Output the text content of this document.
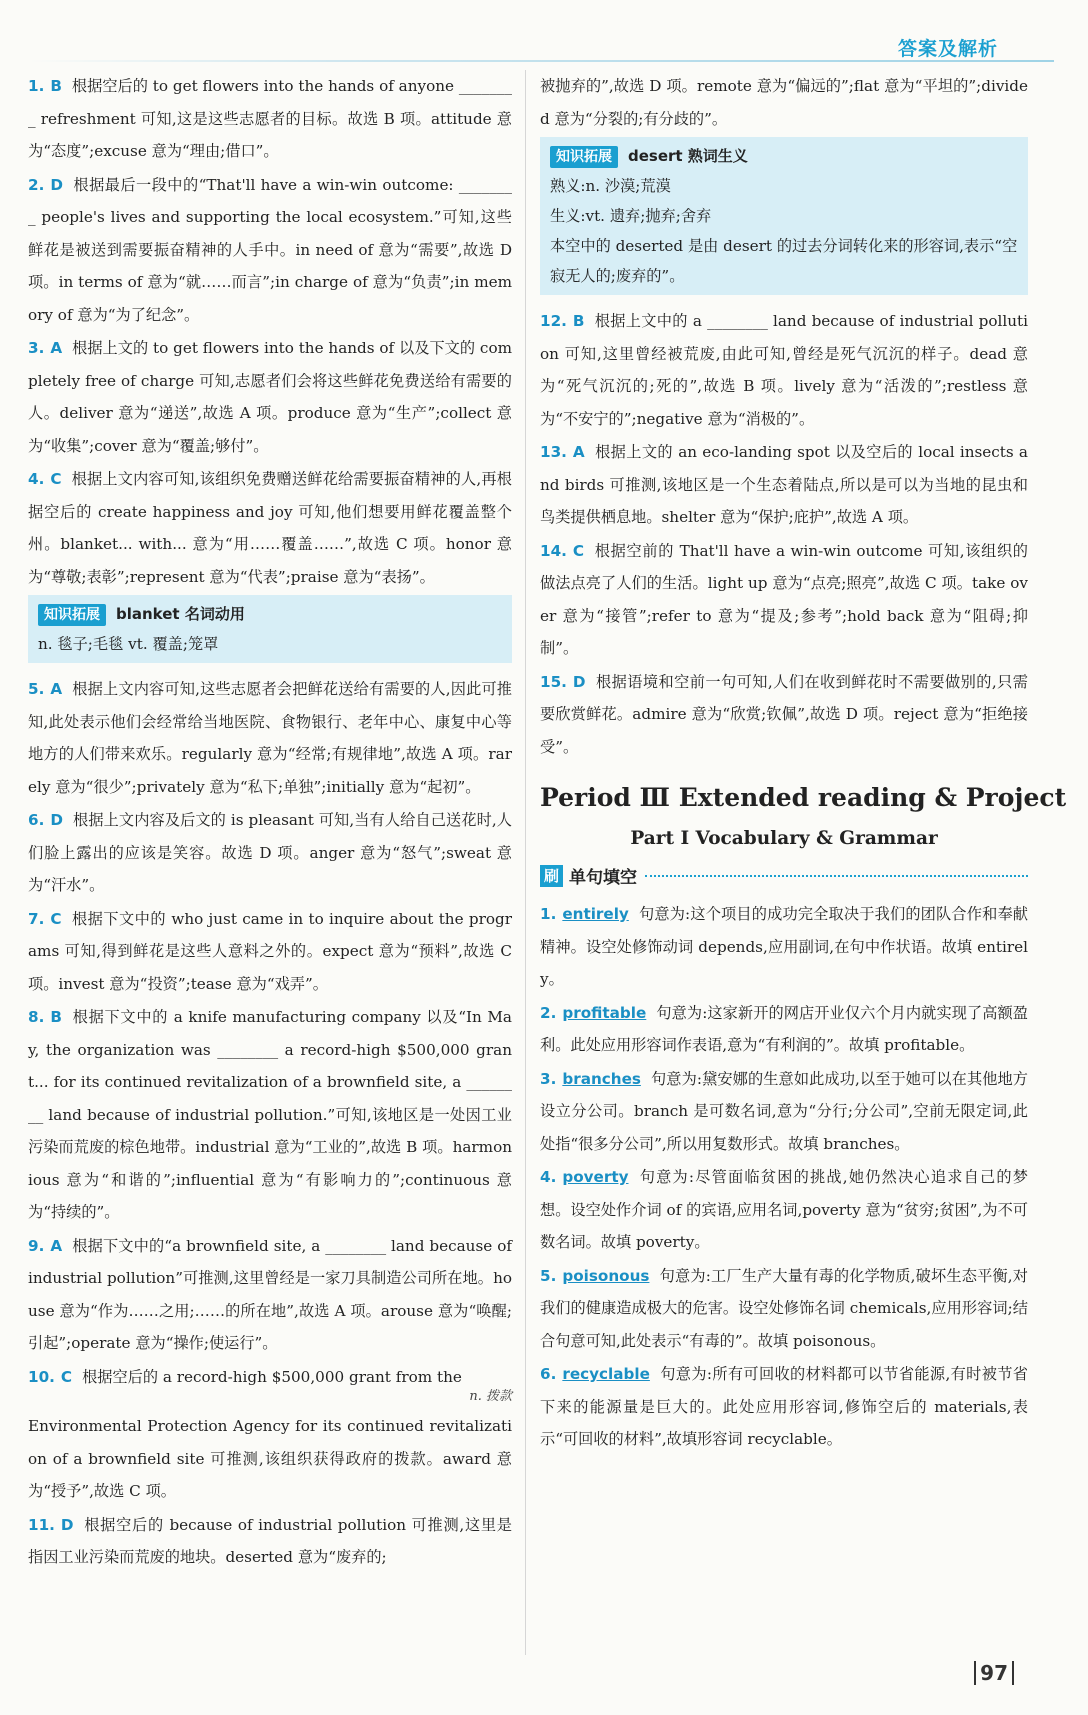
答案及解析
1. B 根据空后的 to get flowers into the hands of anyone ________ refreshment 可知,这是这些志愿者的目标。故选 B 项。attitude 意为“态度”;excuse 意为“理由;借口”。
2. D 根据最后一段中的“That'll have a win-win outcome: ________ people's lives and supporting the local ecosystem.”可知,这些鲜花是被送到需要振奋精神的人手中。in need of 意为“需要”,故选 D 项。in terms of 意为“就……而言”;in charge of 意为“负责”;in memory of 意为“为了纪念”。
3. A 根据上文的 to get flowers into the hands of 以及下文的 completely free of charge 可知,志愿者们会将这些鲜花免费送给有需要的人。deliver 意为“递送”,故选 A 项。produce 意为“生产”;collect 意为“收集”;cover 意为“覆盖;够付”。
4. C 根据上文内容可知,该组织免费赠送鲜花给需要振奋精神的人,再根据空后的 create happiness and joy 可知,他们想要用鲜花覆盖整个州。blanket... with... 意为“用……覆盖……”,故选 C 项。honor 意为“尊敬;表彰”;represent 意为“代表”;praise 意为“表扬”。
知识拓展 blanket 名词动用
n. 毯子;毛毯 vt. 覆盖;笼罩
5. A 根据上文内容可知,这些志愿者会把鲜花送给有需要的人,因此可推知,此处表示他们会经常给当地医院、食物银行、老年中心、康复中心等地方的人们带来欢乐。regularly 意为“经常;有规律地”,故选 A 项。rarely 意为“很少”;privately 意为“私下;单独”;initially 意为“起初”。
6. D 根据上文内容及后文的 is pleasant 可知,当有人给自己送花时,人们脸上露出的应该是笑容。故选 D 项。anger 意为“怒气”;sweat 意为“汗水”。
7. C 根据下文中的 who just came in to inquire about the programs 可知,得到鲜花是这些人意料之外的。expect 意为“预料”,故选 C 项。invest 意为“投资”;tease 意为“戏弄”。
8. B 根据下文中的 a knife manufacturing company 以及“In May, the organization was ________ a record-high $500,000 grant... for its continued revitalization of a brownfield site, a ________ land because of industrial pollution.”可知,该地区是一处因工业污染而荒废的棕色地带。industrial 意为“工业的”,故选 B 项。harmonious 意为“和谐的”;influential 意为“有影响力的”;continuous 意为“持续的”。
9. A 根据下文中的“a brownfield site, a ________ land because of industrial pollution”可推测,这里曾经是一家刀具制造公司所在地。house 意为“作为……之用;……的所在地”,故选 A 项。arouse 意为“唤醒;引起”;operate 意为“操作;使运行”。
10. C 根据空后的 a record-high $500,000 grant from the
n. 拨款
Environmental Protection Agency for its continued revitalization of a brownfield site 可推测,该组织获得政府的拨款。award 意为“授予”,故选 C 项。
11. D 根据空后的 because of industrial pollution 可推测,这里是指因工业污染而荒废的地块。deserted 意为“废弃的;
被抛弃的”,故选 D 项。remote 意为“偏远的”;flat 意为“平坦的”;divided 意为“分裂的;有分歧的”。
知识拓展 desert 熟词生义
熟义:n. 沙漠;荒漠
生义:vt. 遗弃;抛弃;舍弃
本空中的 deserted 是由 desert 的过去分词转化来的形容词,表示“空寂无人的;废弃的”。
12. B 根据上文中的 a ________ land because of industrial pollution 可知,这里曾经被荒废,由此可知,曾经是死气沉沉的样子。dead 意为“死气沉沉的;死的”,故选 B 项。lively 意为“活泼的”;restless 意为“不安宁的”;negative 意为“消极的”。
13. A 根据上文的 an eco-landing spot 以及空后的 local insects and birds 可推测,该地区是一个生态着陆点,所以是可以为当地的昆虫和鸟类提供栖息地。shelter 意为“保护;庇护”,故选 A 项。
14. C 根据空前的 That'll have a win-win outcome 可知,该组织的做法点亮了人们的生活。light up 意为“点亮;照亮”,故选 C 项。take over 意为“接管”;refer to 意为“提及;参考”;hold back 意为“阻碍;抑制”。
15. D 根据语境和空前一句可知,人们在收到鲜花时不需要做别的,只需要欣赏鲜花。admire 意为“欣赏;钦佩”,故选 D 项。reject 意为“拒绝接受”。
Period Ⅲ Extended reading & Project
Part Ⅰ Vocabulary & Grammar
刷 单句填空
1. entirely 句意为:这个项目的成功完全取决于我们的团队合作和奉献精神。设空处修饰动词 depends,应用副词,在句中作状语。故填 entirely。
2. profitable 句意为:这家新开的网店开业仅六个月内就实现了高额盈利。此处应用形容词作表语,意为“有利润的”。故填 profitable。
3. branches 句意为:黛安娜的生意如此成功,以至于她可以在其他地方设立分公司。branch 是可数名词,意为“分行;分公司”,空前无限定词,此处指“很多分公司”,所以用复数形式。故填 branches。
4. poverty 句意为:尽管面临贫困的挑战,她仍然决心追求自己的梦想。设空处作介词 of 的宾语,应用名词,poverty 意为“贫穷;贫困”,为不可数名词。故填 poverty。
5. poisonous 句意为:工厂生产大量有毒的化学物质,破坏生态平衡,对我们的健康造成极大的危害。设空处修饰名词 chemicals,应用形容词;结合句意可知,此处表示“有毒的”。故填 poisonous。
6. recyclable 句意为:所有可回收的材料都可以节省能源,有时被节省下来的能源量是巨大的。此处应用形容词,修饰空后的 materials,表示“可回收的材料”,故填形容词 recyclable。
97
